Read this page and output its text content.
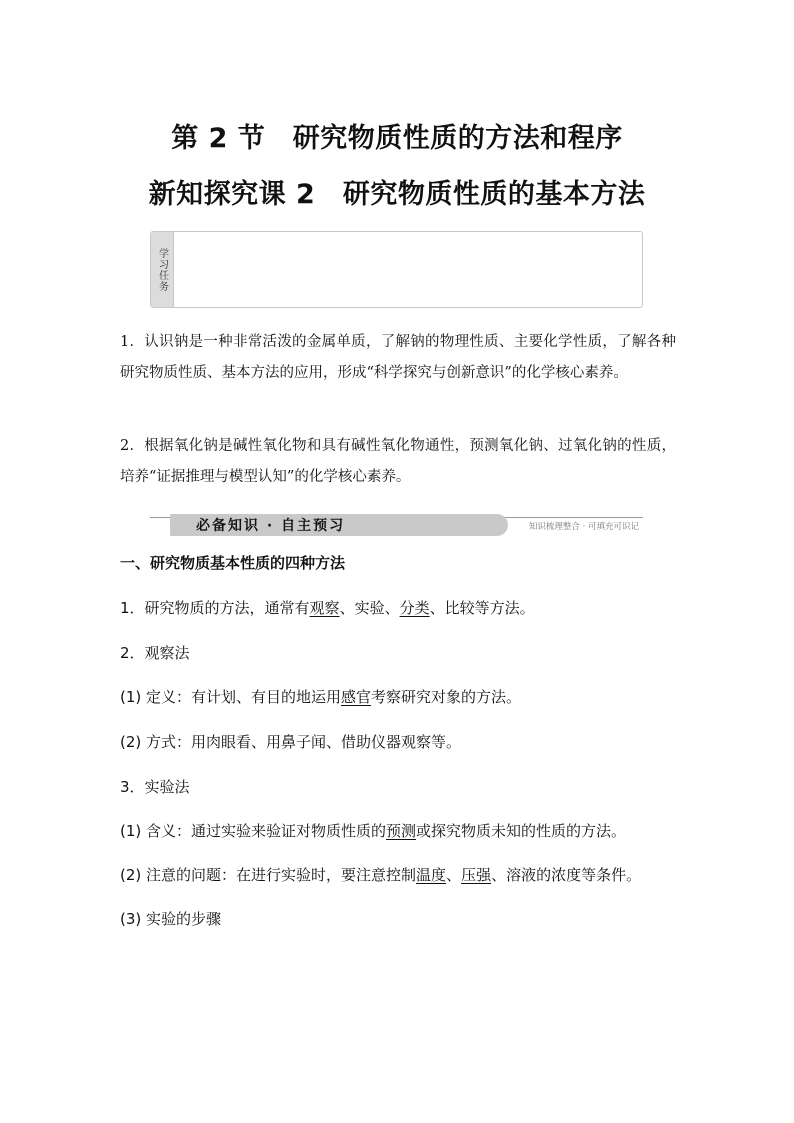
第 2 节　研究物质性质的方法和程序
新知探究课 2　研究物质性质的基本方法
学习任务
1．认识钠是一种非常活泼的金属单质，了解钠的物理性质、主要化学性质，了解各种研究物质性质、基本方法的应用，形成“科学探究与创新意识”的化学核心素养。
2．根据氧化钠是碱性氧化物和具有碱性氧化物通性，预测氧化钠、过氧化钠的性质，培养“证据推理与模型认知”的化学核心素养。
必备知识 · 自主预习	知识梳理整合 · 可填充可识记
一、研究物质基本性质的四种方法
1．研究物质的方法，通常有观察、实验、分类、比较等方法。
2．观察法
(1) 定义：有计划、有目的地运用感官考察研究对象的方法。
(2) 方式：用肉眼看、用鼻子闻、借助仪器观察等。
3．实验法
(1) 含义：通过实验来验证对物质性质的预测或探究物质未知的性质的方法。
(2) 注意的问题：在进行实验时，要注意控制温度、压强、溶液的浓度等条件。
(3) 实验的步骤
